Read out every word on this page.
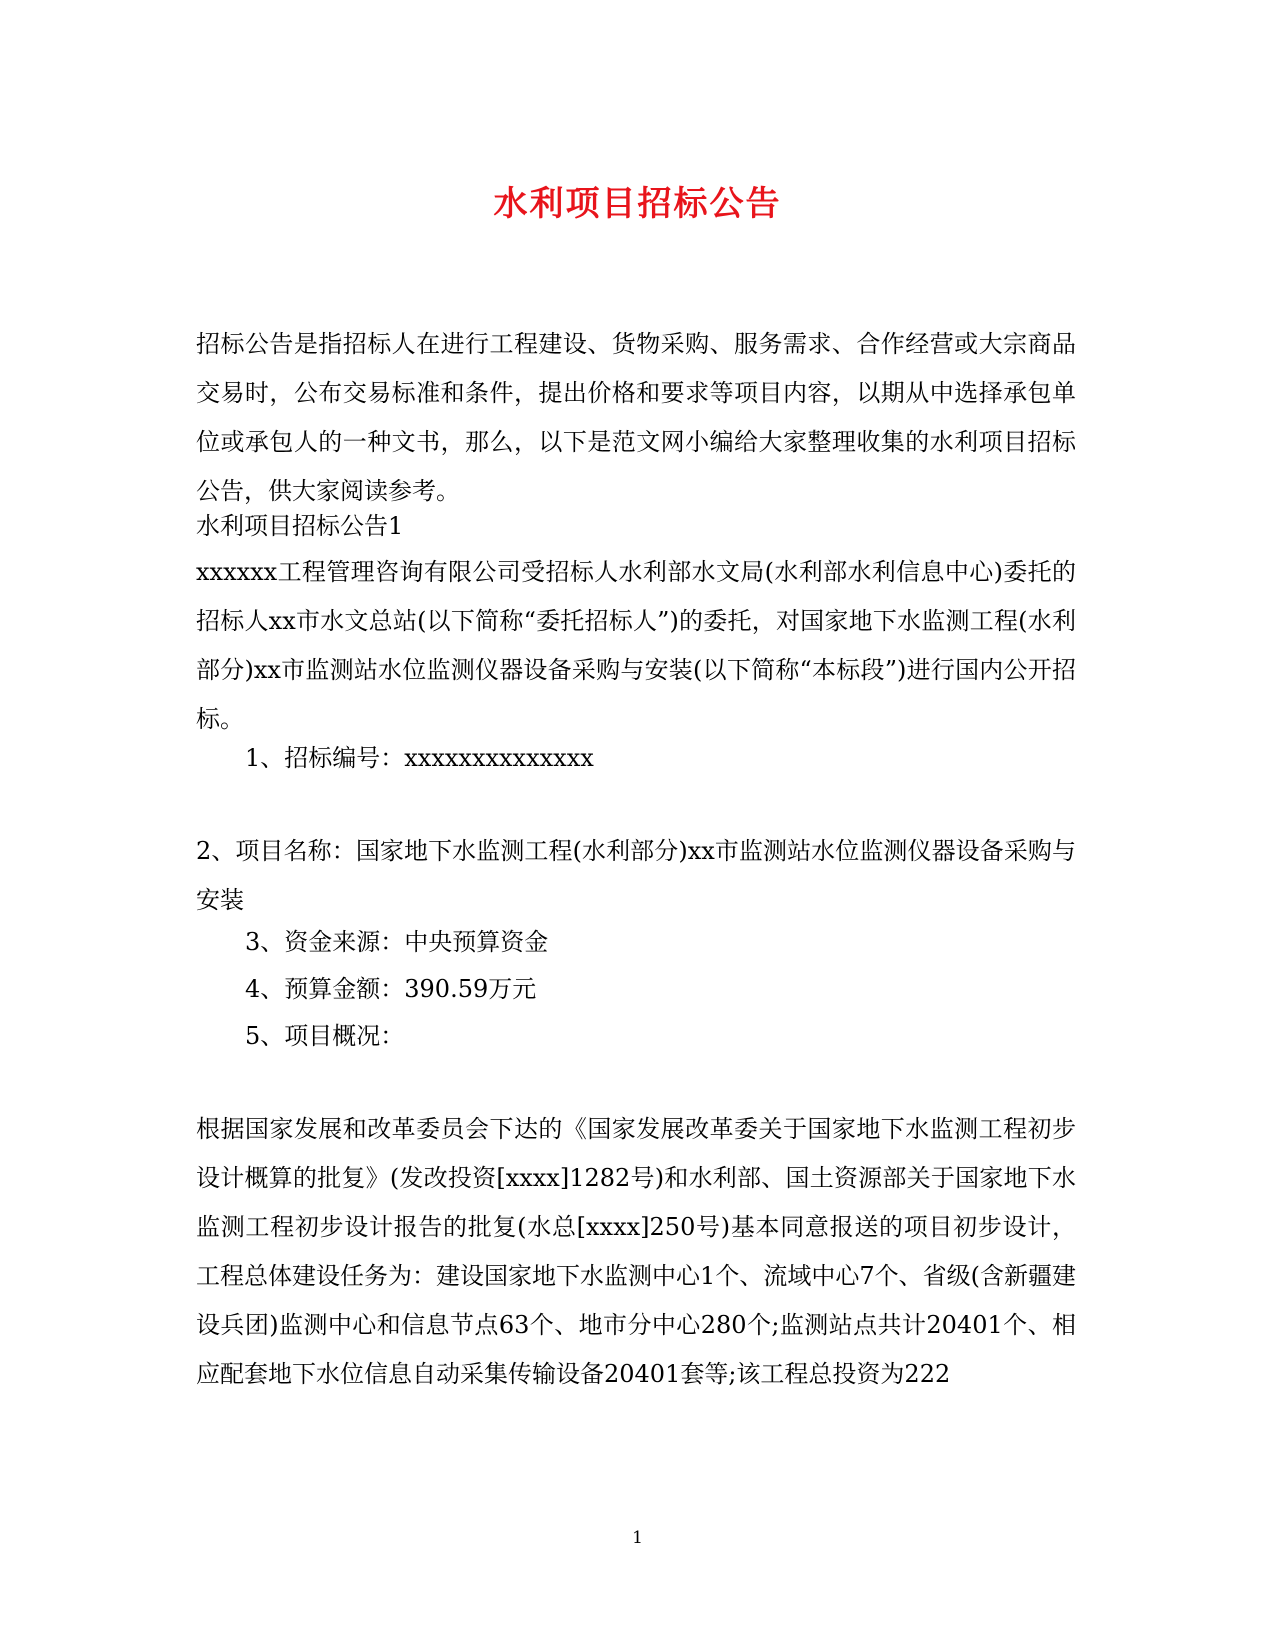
水利项目招标公告
招标公告是指招标人在进行工程建设、货物采购、服务需求、合作经营或大宗商品交易时，公布交易标准和条件，提出价格和要求等项目内容，以期从中选择承包单位或承包人的一种文书，那么，以下是范文网小编给大家整理收集的水利项目招标公告，供大家阅读参考。
水利项目招标公告1
xxxxxx工程管理咨询有限公司受招标人水利部水文局(水利部水利信息中心)委托的招标人xx市水文总站(以下简称“委托招标人”)的委托，对国家地下水监测工程(水利部分)xx市监测站水位监测仪器设备采购与安装(以下简称“本标段”)进行国内公开招标。
1、招标编号：xxxxxxxxxxxxxx
2、项目名称：国家地下水监测工程(水利部分)xx市监测站水位监测仪器设备采购与安装
3、资金来源：中央预算资金
4、预算金额：390.59万元
5、项目概况：
根据国家发展和改革委员会下达的《国家发展改革委关于国家地下水监测工程初步设计概算的批复》(发改投资[xxxx]1282号)和水利部、国土资源部关于国家地下水监测工程初步设计报告的批复(水总[xxxx]250号)基本同意报送的项目初步设计，工程总体建设任务为：建设国家地下水监测中心1个、流域中心7个、省级(含新疆建设兵团)监测中心和信息节点63个、地市分中心280个;监测站点共计20401个、相应配套地下水位信息自动采集传输设备20401套等;该工程总投资为222
1
